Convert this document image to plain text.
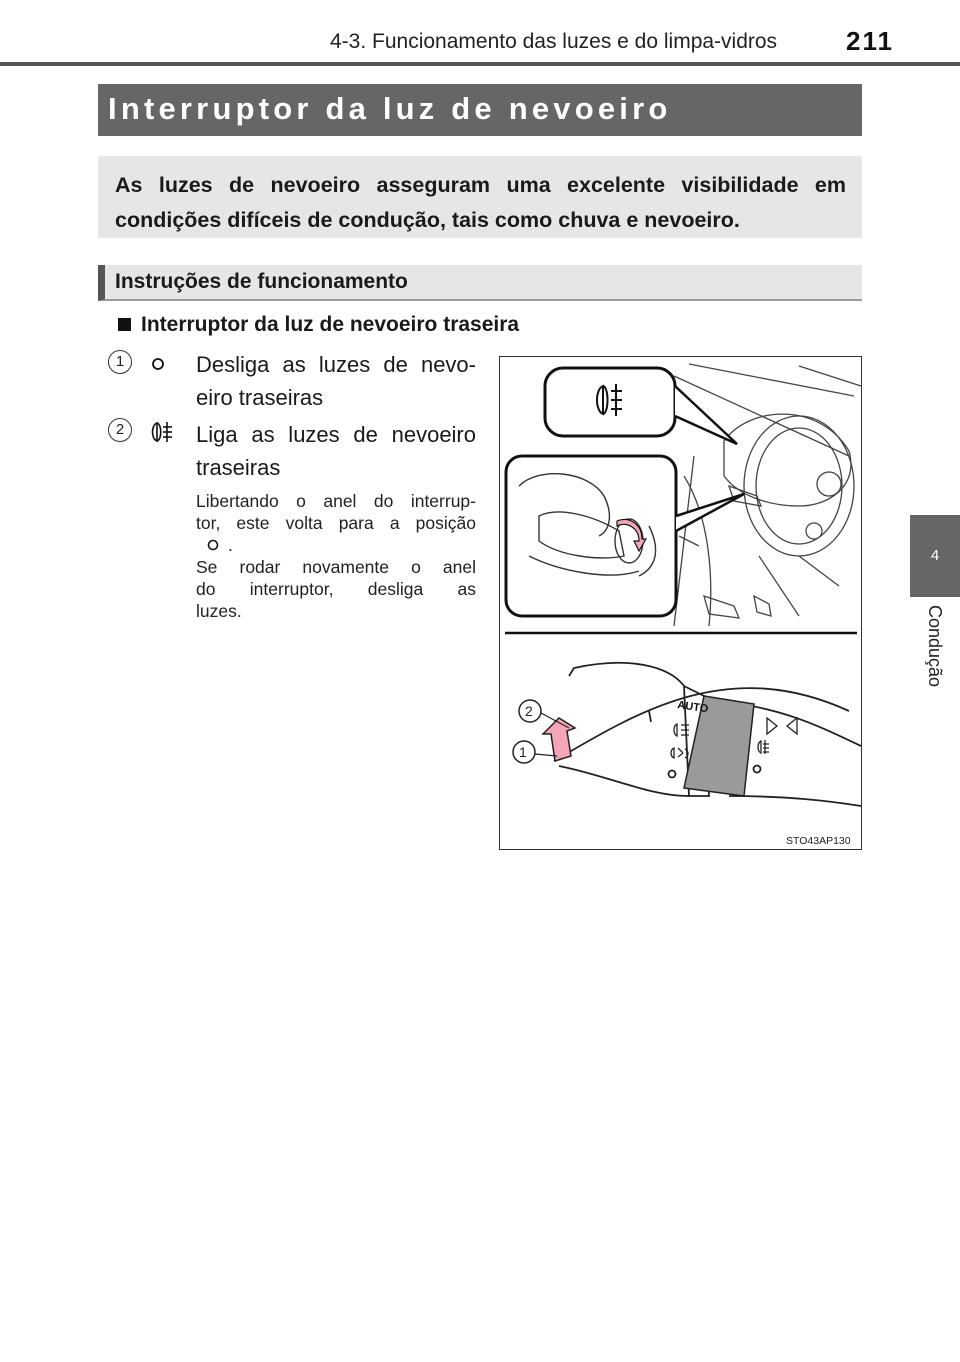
4-3. Funcionamento das luzes e do limpa-vidros	211
Interruptor da luz de nevoeiro
As luzes de nevoeiro asseguram uma excelente visibilidade em condições difíceis de condução, tais como chuva e nevoeiro.
Instruções de funcionamento
Interruptor da luz de nevoeiro traseira
1	Desliga as luzes de nevo-
eiro traseiras
2	Liga as luzes de nevoeiro
traseiras
Libertando o anel do interrup-
tor, este volta para a posição
.
Se rodar novamente o anel
do interruptor, desliga as
luzes.
4
Condução
AUTO
2
1
STO43AP130
